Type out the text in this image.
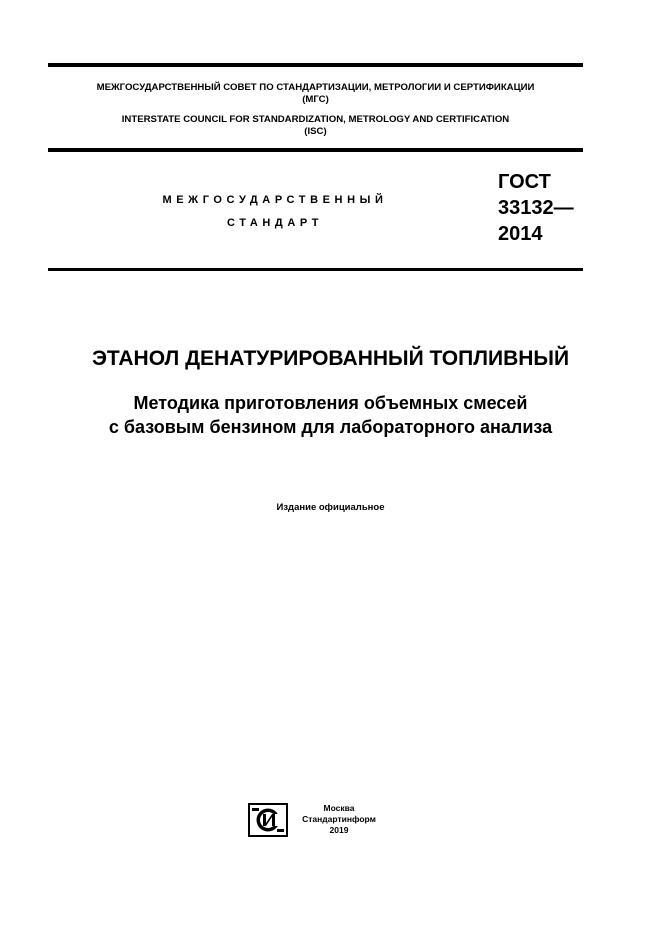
МЕЖГОСУДАРСТВЕННЫЙ СОВЕТ ПО СТАНДАРТИЗАЦИИ, МЕТРОЛОГИИ И СЕРТИФИКАЦИИ
(МГС)
INTERSTATE COUNCIL FOR STANDARDIZATION, METROLOGY AND CERTIFICATION
(ISC)
МЕЖГОСУДАРСТВЕННЫЙ
СТАНДАРТ
ГОСТ
33132—
2014
ЭТАНОЛ ДЕНАТУРИРОВАННЫЙ ТОПЛИВНЫЙ
Методика приготовления объемных смесей
с базовым бензином для лабораторного анализа
Издание официальное
Москва
Стандартинформ
2019
